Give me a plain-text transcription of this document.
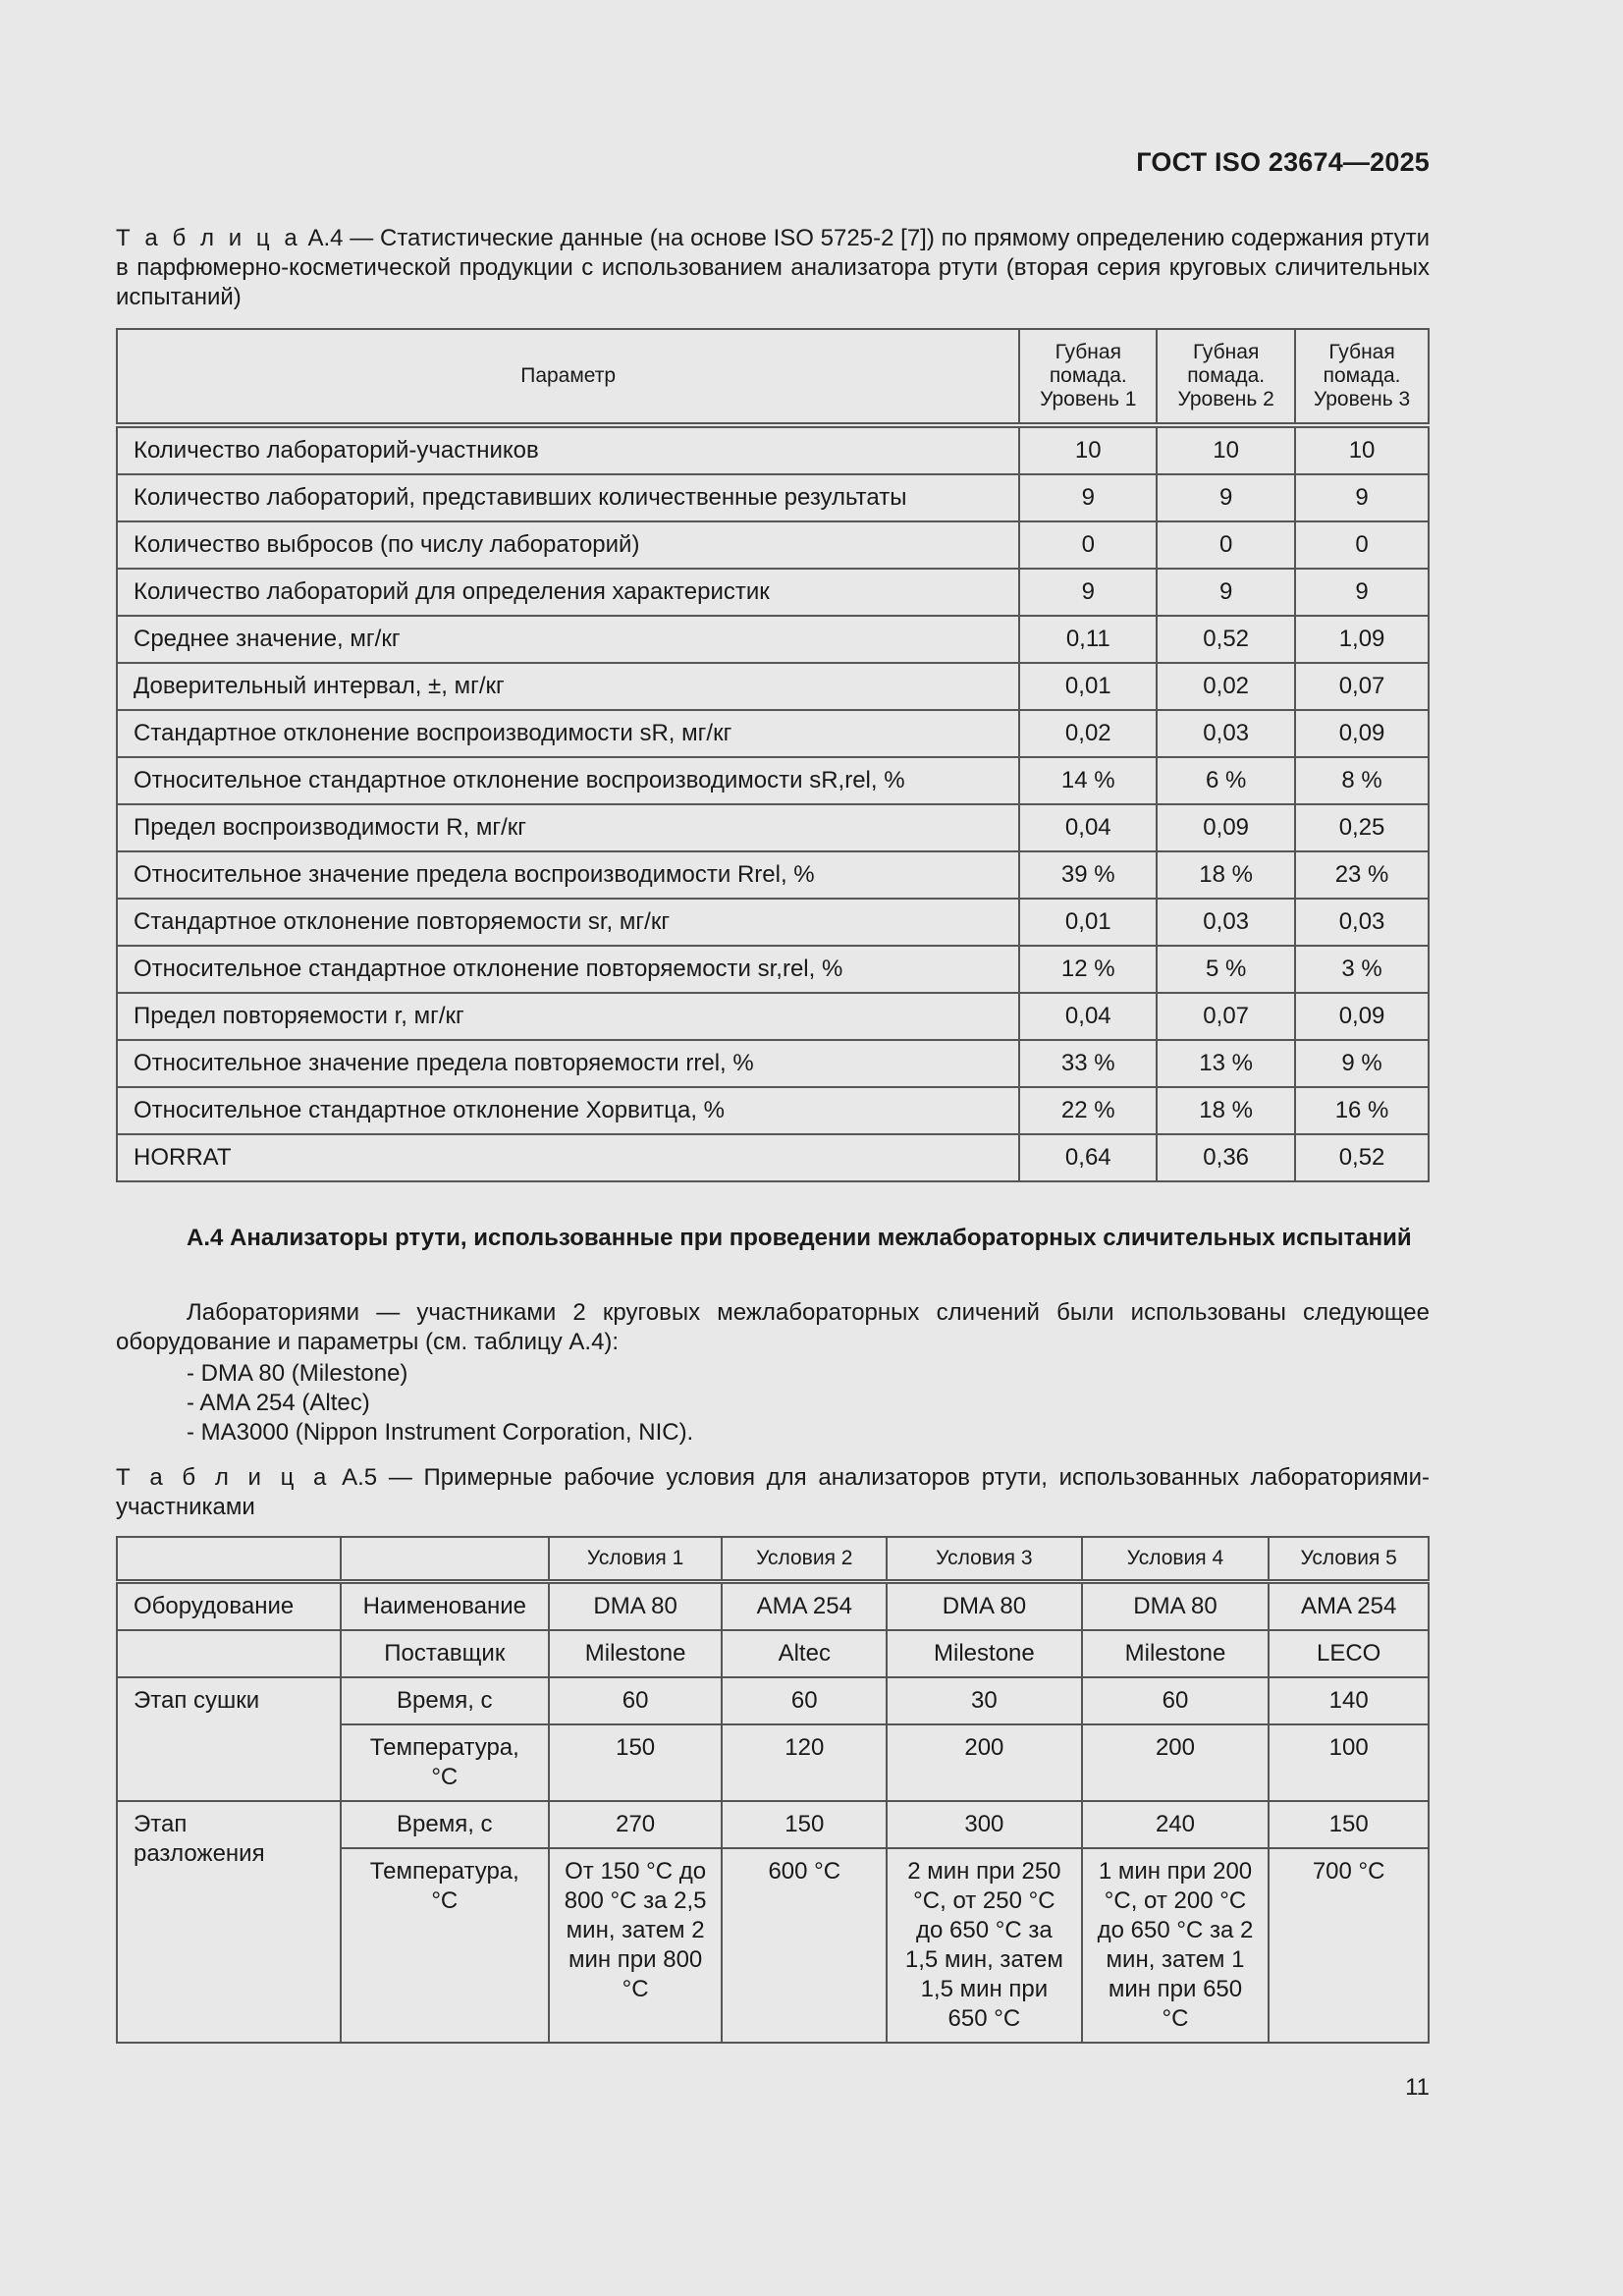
ГОСТ ISO 23674—2025
Т а б л и ц а А.4 — Статистические данные (на основе ISO 5725-2 [7]) по прямому определению содержания ртути в парфюмерно-косметической продукции с использованием анализатора ртути (вторая серия круговых сличительных испытаний)
Параметр	Губная помада. Уровень 1	Губная помада. Уровень 2	Губная помада. Уровень 3
Количество лабораторий-участников	10	10	10
Количество лабораторий, представивших количественные результаты	9	9	9
Количество выбросов (по числу лабораторий)	0	0	0
Количество лабораторий для определения характеристик	9	9	9
Среднее значение, мг/кг	0,11	0,52	1,09
Доверительный интервал, ±, мг/кг	0,01	0,02	0,07
Стандартное отклонение воспроизводимости sR, мг/кг	0,02	0,03	0,09
Относительное стандартное отклонение воспроизводимости sR,rel, %	14 %	6 %	8 %
Предел воспроизводимости R, мг/кг	0,04	0,09	0,25
Относительное значение предела воспроизводимости Rrel, %	39 %	18 %	23 %
Стандартное отклонение повторяемости sr, мг/кг	0,01	0,03	0,03
Относительное стандартное отклонение повторяемости sr,rel, %	12 %	5 %	3 %
Предел повторяемости r, мг/кг	0,04	0,07	0,09
Относительное значение предела повторяемости rrel, %	33 %	13 %	9 %
Относительное стандартное отклонение Хорвитца, %	22 %	18 %	16 %
HORRAT	0,64	0,36	0,52
А.4 Анализаторы ртути, использованные при проведении межлабораторных сличительных испытаний
Лабораториями — участниками 2 круговых межлабораторных сличений были использованы следующее оборудование и параметры (см. таблицу А.4):
- DMA 80 (Milestone)
- AMA 254 (Altec)
- MA3000 (Nippon Instrument Corporation, NIC).
Т а б л и ц а А.5 — Примерные рабочие условия для анализаторов ртути, использованных лабораториями-участниками
		Условия 1	Условия 2	Условия 3	Условия 4	Условия 5
Оборудование	Наименование	DMA 80	AMA 254	DMA 80	DMA 80	AMA 254
	Поставщик	Milestone	Altec	Milestone	Milestone	LECO
Этап сушки	Время, с	60	60	30	60	140
	Температура, °С	150	120	200	200	100

Этап разложения	Время, с	270	150	300	240	150
	Температура, °С	От 150 °С до 800 °С за 2,5 мин, затем 2 мин при 800 °С	600 °С	2 мин при 250 °С, от 250 °С до 650 °С за 1,5 мин, затем 1,5 мин при 650 °С	1 мин при 200 °С, от 200 °С до 650 °С за 2 мин, затем 1 мин при 650 °С	700 °С
11
